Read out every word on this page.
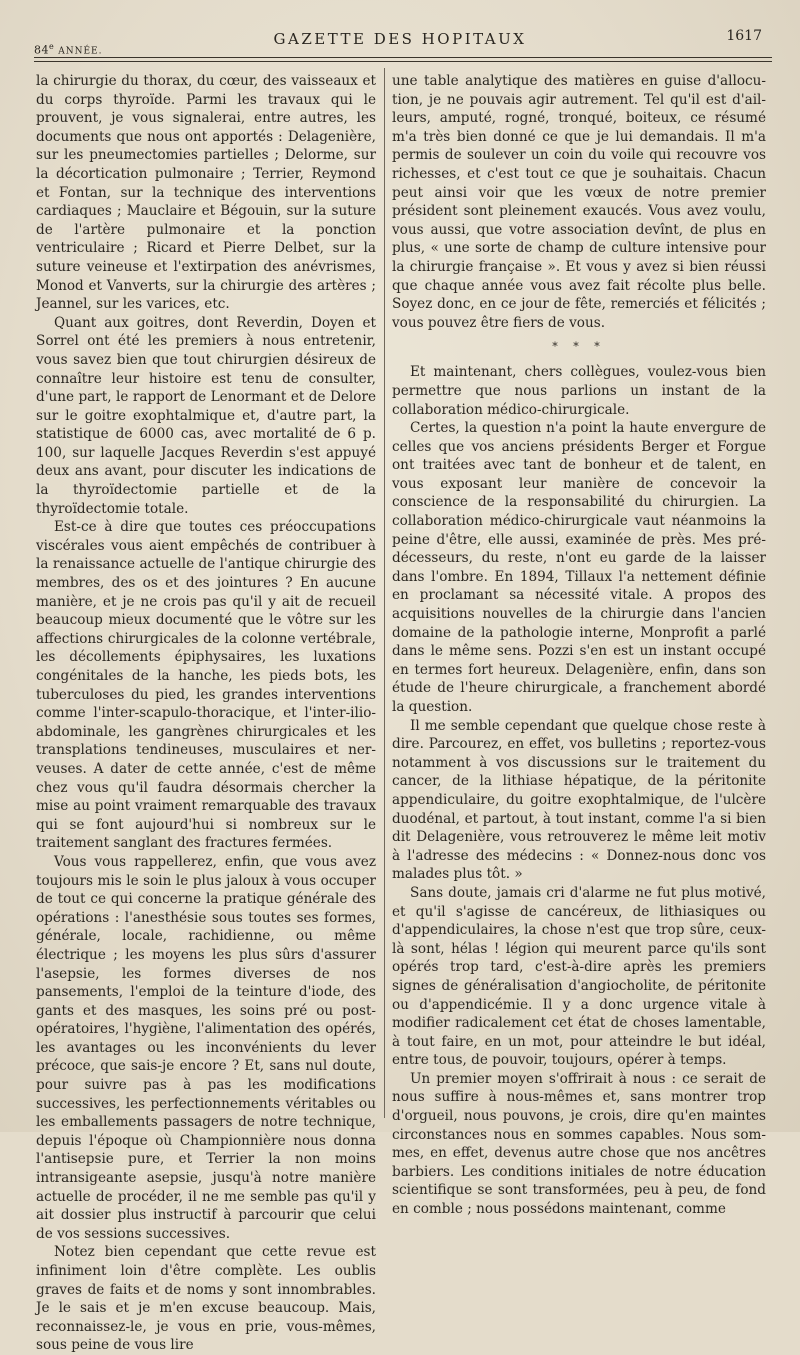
84e ANNÉE.
GAZETTE DES HOPITAUX	1617

la chirurgie du thorax, du cœur, des vaisseaux et du corps thyroïde. Parmi les travaux qui le prouvent, je vous signalerai, entre autres, les documents que nous ont apportés : Delagenière, sur les pneumectomies partielles ; Delorme, sur la décortication pulmonaire ; Terrier, Reymond et Fontan, sur la technique des interventions cardiaques ; Mauclaire et Bégouin, sur la suture de l'artère pulmonaire et la ponction ventriculaire ; Ricard et Pierre Delbet, sur la suture veineuse et l'extirpation des anévrismes, Monod et Vanverts, sur la chirurgie des artères ; Jeannel, sur les varices, etc.

Quant aux goitres, dont Reverdin, Doyen et Sorrel ont été les premiers à nous entretenir, vous savez bien que tout chirurgien désireux de connaître leur histoire est tenu de consulter, d'une part, le rapport de Lenormant et de Delore sur le goitre exophtalmique et, d'autre part, la statistique de 6000 cas, avec mortalité de 6 p. 100, sur laquelle Jacques Reverdin s'est appuyé deux ans avant, pour discuter les indications de la thyroïdectomie partielle et de la thyroïdectomie totale.

Est-ce à dire que toutes ces préoccupations viscérales vous aient empêchés de contribuer à la renaissance actuelle de l'antique chirurgie des membres, des os et des jointures ? En aucune manière, et je ne crois pas qu'il y ait de recueil beaucoup mieux documenté que le vôtre sur les affections chirurgicales de la colonne vertébrale, les décollements épiphysaires, les luxations congénitales de la hanche, les pieds bots, les tuberculoses du pied, les grandes interventions comme l'inter-scapulo-thoracique, et l'inter-ilio-abdominale, les gangrènes chirurgicales et les transplations tendineuses, musculaires et nerveuses. A dater de cette année, c'est de même chez vous qu'il faudra désormais chercher la mise au point vraiment remarquable des travaux qui se font aujourd'hui si nombreux sur le traitement sanglant des fractures fermées.

Vous vous rappellerez, enfin, que vous avez toujours mis le soin le plus jaloux à vous occuper de tout ce qui concerne la pratique générale des opérations : l'anesthésie sous toutes ses formes, générale, locale, rachidienne, ou même électrique ; les moyens les plus sûrs d'assurer l'asepsie, les formes diverses de nos pansements, l'emploi de la teinture d'iode, des gants et des masques, les soins pré ou post-opératoires, l'hygiène, l'alimentation des opérés, les avantages ou les inconvénients du lever précoce, que sais-je encore ? Et, sans nul doute, pour suivre pas à pas les modifications successives, les perfectionnements véritables ou les emballements passagers de notre technique, depuis l'époque où Championnière nous donna l'antisepsie pure, et Terrier la non moins intransigeante asepsie, jusqu'à notre manière actuelle de procéder, il ne me semble pas qu'il y ait dossier plus instructif à parcourir que celui de vos sessions successives.

Notez bien cependant que cette revue est infiniment loin d'être complète. Les oublis graves de faits et de noms y sont innombrables. Je le sais et je m'en excuse beaucoup. Mais, reconnaissez-le, je vous en prie, vous-mêmes, sous peine de vous lire

une table analytique des matières en guise d'allocution, je ne pouvais agir autrement. Tel qu'il est d'ailleurs, amputé, rogné, tronqué, boiteux, ce résumé m'a très bien donné ce que je lui demandais. Il m'a permis de soulever un coin du voile qui recouvre vos richesses, et c'est tout ce que je souhaitais. Chacun peut ainsi voir que les vœux de notre premier président sont pleinement exaucés. Vous avez voulu, vous aussi, que votre association devînt, de plus en plus, « une sorte de champ de culture intensive pour la chirurgie française ». Et vous y avez si bien réussi que chaque année vous avez fait récolte plus belle. Soyez donc, en ce jour de fête, remerciés et félicités ; vous pouvez être fiers de vous.

* * *

Et maintenant, chers collègues, voulez-vous bien permettre que nous parlions un instant de la collaboration médico-chirurgicale.

Certes, la question n'a point la haute envergure de celles que vos anciens présidents Berger et Forgue ont traitées avec tant de bonheur et de talent, en vous exposant leur manière de concevoir la conscience de la responsabilité du chirurgien. La collaboration médico-chirurgicale vaut néanmoins la peine d'être, elle aussi, examinée de près. Mes prédécesseurs, du reste, n'ont eu garde de la laisser dans l'ombre. En 1894, Tillaux l'a nettement définie en proclamant sa nécessité vitale. A propos des acquisitions nouvelles de la chirurgie dans l'ancien domaine de la pathologie interne, Monprofit a parlé dans le même sens. Pozzi s'en est un instant occupé en termes fort heureux. Delagenière, enfin, dans son étude de l'heure chirurgicale, a franchement abordé la question.

Il me semble cependant que quelque chose reste à dire. Parcourez, en effet, vos bulletins ; reportez-vous notamment à vos discussions sur le traitement du cancer, de la lithiase hépatique, de la péritonite appendiculaire, du goitre exophtalmique, de l'ulcère duodénal, et partout, à tout instant, comme l'a si bien dit Delagenière, vous retrouverez le même leit motiv à l'adresse des médecins : « Donnez-nous donc vos malades plus tôt. »

Sans doute, jamais cri d'alarme ne fut plus motivé, et qu'il s'agisse de cancéreux, de lithiasiques ou d'appendiculaires, la chose n'est que trop sûre, ceux-là sont, hélas ! légion qui meurent parce qu'ils sont opérés trop tard, c'est-à-dire après les premiers signes de généralisation d'angiocholite, de péritonite ou d'appendicémie. Il y a donc urgence vitale à modifier radicalement cet état de choses lamentable, à tout faire, en un mot, pour atteindre le but idéal, entre tous, de pouvoir, toujours, opérer à temps.

Un premier moyen s'offrirait à nous : ce serait de nous suffire à nous-mêmes et, sans montrer trop d'orgueil, nous pouvons, je crois, dire qu'en maintes circonstances nous en sommes capables. Nous sommes, en effet, devenus autre chose que nos ancêtres barbiers. Les conditions initiales de notre éducation scientifique se sont transformées, peu à peu, de fond en comble ; nous possédons maintenant, comme
